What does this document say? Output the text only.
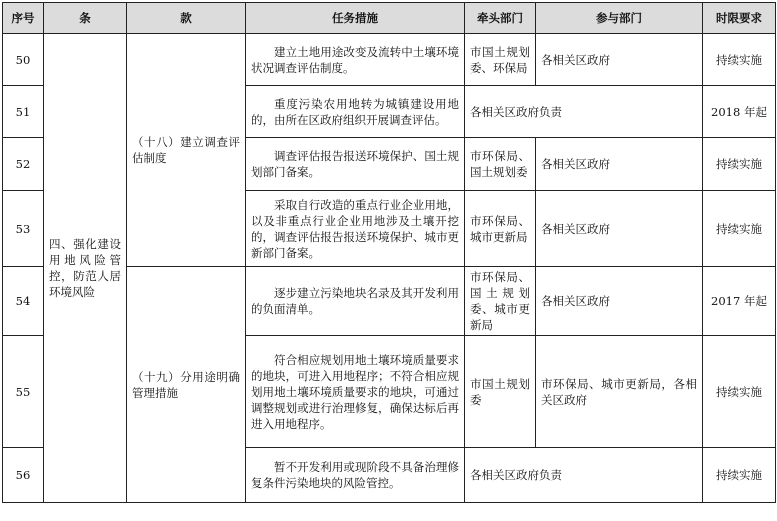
序号	条	款	任务措施	牵头部门	参与部门	时限要求
50	四、强化建设用地风险管控，防范人居环境风险	（十八）建立调查评估制度	建立土地用途改变及流转中土壤环境状况调查评估制度。	市国土规划委、环保局	各相关区政府	持续实施
51			重度污染农用地转为城镇建设用地的，由所在区政府组织开展调查评估。	各相关区政府负责		2018 年起
52			调查评估报告报送环境保护、国土规划部门备案。	市环保局、国土规划委	各相关区政府	持续实施
53			采取自行改造的重点行业企业用地，以及非重点行业企业用地涉及土壤开挖的，调查评估报告报送环境保护、城市更新部门备案。	市环保局、城市更新局	各相关区政府	持续实施
54		（十九）分用途明确管理措施	逐步建立污染地块名录及其开发利用的负面清单。	市环保局、国土规划委、城市更新局	各相关区政府	2017 年起
55			符合相应规划用地土壤环境质量要求的地块，可进入用地程序；不符合相应规划用地土壤环境质量要求的地块，可通过调整规划或进行治理修复，确保达标后再进入用地程序。	市国土规划委	市环保局、城市更新局，各相关区政府	持续实施
56			暂不开发利用或现阶段不具备治理修复条件污染地块的风险管控。	各相关区政府负责		持续实施
